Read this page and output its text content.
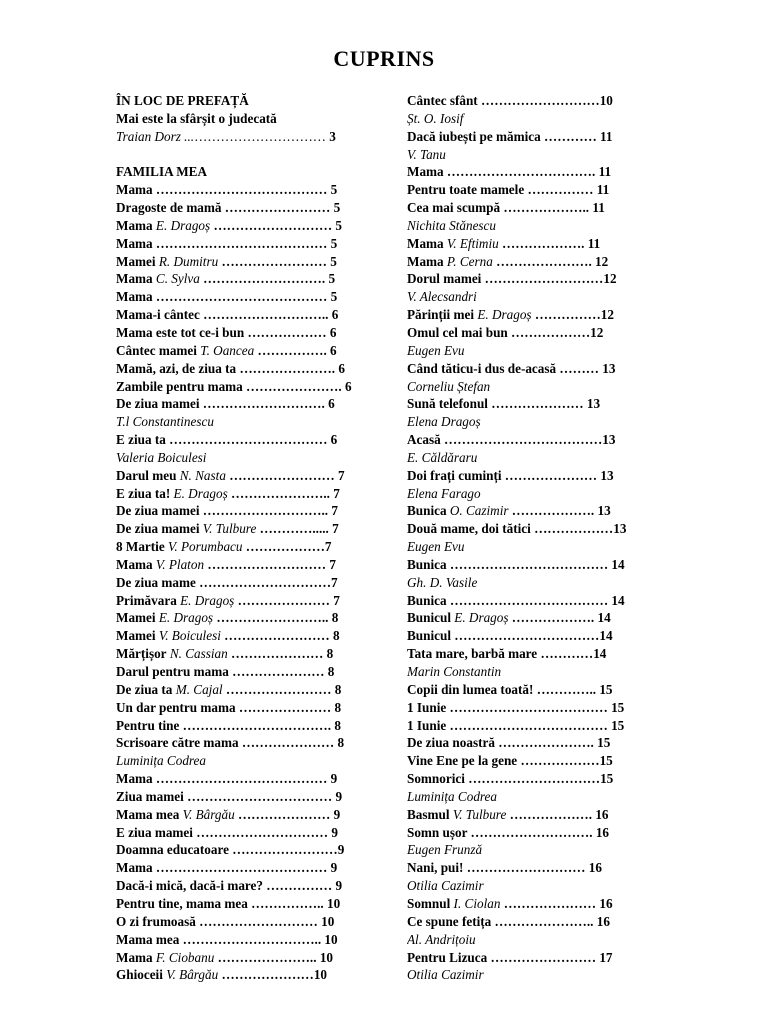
CUPRINS
ÎN LOC DE PREFAȚĂ
Mai este la sfârșit o judecată
Traian Dorz ...………………………… 3
FAMILIA MEA
Mama ………………………………… 5
Dragoste de mamă …………………… 5
Mama E. Dragoș ……………………… 5
Mama ………………………………… 5
Mamei R. Dumitru …………………… 5
Mama C. Sylva ………………………. 5
Mama ………………………………… 5
Mama-i cântec ……………………….. 6
Mama este tot ce-i bun ……………… 6
Cântec mamei T. Oancea ……………. 6
Mamă, azi, de ziua ta …………………. 6
Zambile pentru mama …………………. 6
De ziua mamei ………………………. 6
T.l Constantinescu
E ziua ta ……………………………… 6
Valeria Boiculesi
Darul meu N. Nasta …………………… 7
E ziua ta! E. Dragoș ………………….. 7
De ziua mamei ……………………….. 7
De ziua mamei V. Tulbure …………..... 7
8 Martie V. Porumbacu ………………7
Mama V. Platon ……………………… 7
De ziua mame …………………………7
Primăvara E. Dragoș ………………… 7
Mamei E. Dragoș …………………….. 8
Mamei V. Boiculesi …………………… 8
Mărțișor N. Cassian ………………… 8
Darul pentru mama ………………… 8
De ziua ta M. Cajal …………………… 8
Un dar pentru mama ………………… 8
Pentru tine ……………………………. 8
Scrisoare către mama ………………… 8
Luminița Codrea
Mama ………………………………… 9
Ziua mamei …………………………… 9
Mama mea V. Bârgău ………………… 9
E ziua mamei ………………………… 9
Doamna educatoare ……………………9
Mama ………………………………… 9
Dacă-i mică, dacă-i mare? …………… 9
Pentru tine, mama mea …………….. 10
O zi frumoasă ……………………… 10
Mama mea ………………………….. 10
Mama F. Ciobanu ………………….. 10
Ghioceii V. Bârgău …………………10
Cântec sfânt ………………………10
Șt. O. Iosif
Dacă iubești pe mămica ………… 11
V. Tanu
Mama ……………………………. 11
Pentru toate mamele …………… 11
Cea mai scumpă ……………….. 11
Nichita Stănescu
Mama V. Eftimiu ………………. 11
Mama P. Cerna …………………. 12
Dorul mamei ………………………12
V. Alecsandri
Părinții mei E. Dragoș ……………12
Omul cel mai bun ………………12
Eugen Evu
Când tăticu-i dus de-acasă ……… 13
Corneliu Ștefan
Sună telefonul ………………… 13
Elena Dragoș
Acasă ………………………………13
E. Căldăraru
Doi frați cuminți ………………… 13
Elena Farago
Bunica O. Cazimir ………………. 13
Două mame, doi tătici ………………13
Eugen Evu
Bunica ……………………………… 14
Gh. D. Vasile
Bunica ……………………………… 14
Bunicul E. Dragoș ………………. 14
Bunicul ……………………………14
Tata mare, barbă mare …………14
Marin Constantin
Copii din lumea toată! ………….. 15
1 Iunie ……………………………… 15
1 Iunie ……………………………… 15
De ziua noastră …………………. 15
Vine Ene pe la gene ………………15
Somnorici …………………………15
Luminița Codrea
Basmul V. Tulbure ………………. 16
Somn ușor ………………………. 16
Eugen Frunză
Nani, pui! ……………………… 16
Otilia Cazimir
Somnul I. Ciolan ………………… 16
Ce spune fetița ………………….. 16
Al. Andrițoiu
Pentru Lizuca …………………… 17
Otilia Cazimir
